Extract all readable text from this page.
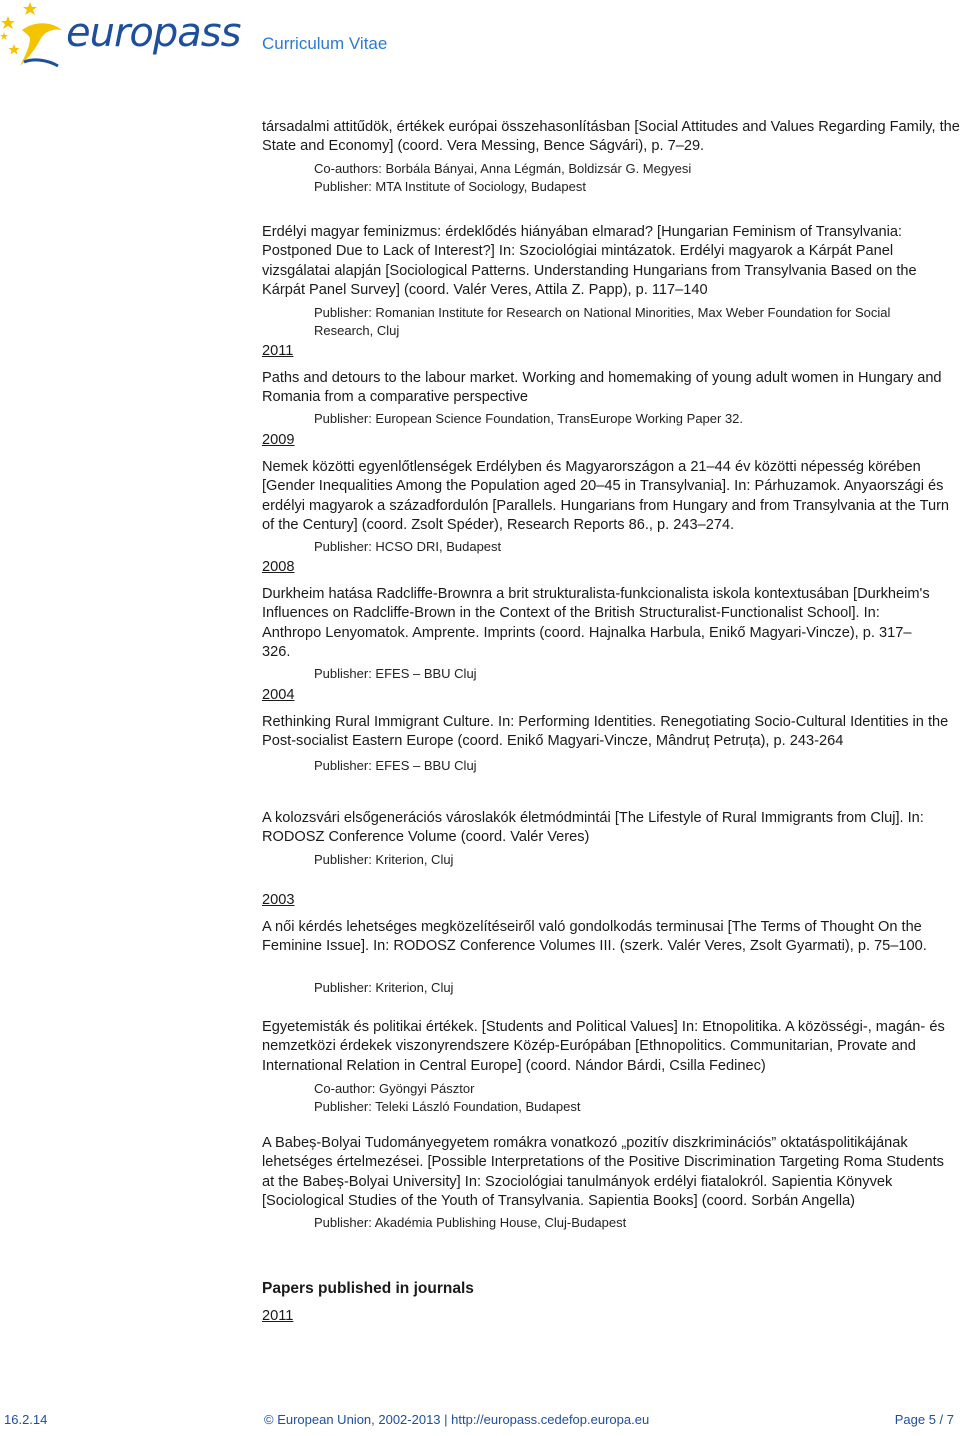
europass Curriculum Vitae
társadalmi attitűdök, értékek európai összehasonlításban [Social Attitudes and Values Regarding Family, the State and Economy] (coord. Vera Messing, Bence Ságvári), p. 7–29.
Co-authors: Borbála Bányai, Anna Légmán, Boldizsár G. Megyesi
Publisher: MTA Institute of Sociology, Budapest
Erdélyi magyar feminizmus: érdeklődés hiányában elmarad? [Hungarian Feminism of Transylvania: Postponed Due to Lack of Interest?] In: Szociológiai mintázatok. Erdélyi magyarok a Kárpát Panel vizsgálatai alapján [Sociological Patterns. Understanding Hungarians from Transylvania Based on the Kárpát Panel Survey] (coord. Valér Veres, Attila Z. Papp), p. 117–140
Publisher: Romanian Institute for Research on National Minorities, Max Weber Foundation for Social Research, Cluj
2011
Paths and detours to the labour market. Working and homemaking of young adult women in Hungary and Romania from a comparative perspective
Publisher: European Science Foundation, TransEurope Working Paper 32.
2009
Nemek közötti egyenlőtlenségek Erdélyben és Magyarországon a 21–44 év közötti népesség körében [Gender Inequalities Among the Population aged 20–45 in Transylvania]. In: Párhuzamok. Anyaországi és erdélyi magyarok a századfordulón [Parallels. Hungarians from Hungary and from Transylvania at the Turn of the Century] (coord. Zsolt Spéder), Research Reports 86., p. 243–274.
Publisher: HCSO DRI, Budapest
2008
Durkheim hatása Radcliffe-Brownra a brit strukturalista-funkcionalista iskola kontextusában [Durkheim's Influences on Radcliffe-Brown in the Context of the British Structuralist-Functionalist School]. In: Anthropo Lenyomatok. Amprente. Imprints (coord. Hajnalka Harbula, Enikő Magyari-Vincze), p. 317–326.
Publisher: EFES – BBU Cluj
2004
Rethinking Rural Immigrant Culture. In: Performing Identities. Renegotiating Socio-Cultural Identities in the Post-socialist Eastern Europe (coord. Enikő Magyari-Vincze, Mândruț Petruța), p. 243-264
Publisher: EFES – BBU Cluj
A kolozsvári elsőgenerációs városlakók életmódmintái [The Lifestyle of Rural Immigrants from Cluj]. In: RODOSZ Conference Volume (coord. Valér Veres)
Publisher: Kriterion, Cluj
2003
A női kérdés lehetséges megközelítéseiről való gondolkodás terminusai [The Terms of Thought On the Feminine Issue]. In: RODOSZ Conference Volumes III. (szerk. Valér Veres, Zsolt Gyarmati), p. 75–100.
Publisher: Kriterion, Cluj
Egyetemisták és politikai értékek. [Students and Political Values] In: Etnopolitika. A közösségi-, magán- és nemzetközi érdekek viszonyrendszere Közép-Európában [Ethnopolitics. Communitarian, Provate and International Relation in Central Europe] (coord. Nándor Bárdi, Csilla Fedinec)
Co-author: Gyöngyi Pásztor
Publisher: Teleki László Foundation, Budapest
A Babeș-Bolyai Tudományegyetem romákra vonatkozó „pozitív diszkriminációs” oktatáspolitikájának lehetséges értelmezései. [Possible Interpretations of the Positive Discrimination Targeting Roma Students at the Babeș-Bolyai University] In: Szociológiai tanulmányok erdélyi fiatalokról. Sapientia Könyvek [Sociological Studies of the Youth of Transylvania. Sapientia Books] (coord. Sorbán Angella)
Publisher: Akadémia Publishing House, Cluj-Budapest
Papers published in journals
2011
16.2.14	© European Union, 2002-2013 | http://europass.cedefop.europa.eu	Page 5 / 7
